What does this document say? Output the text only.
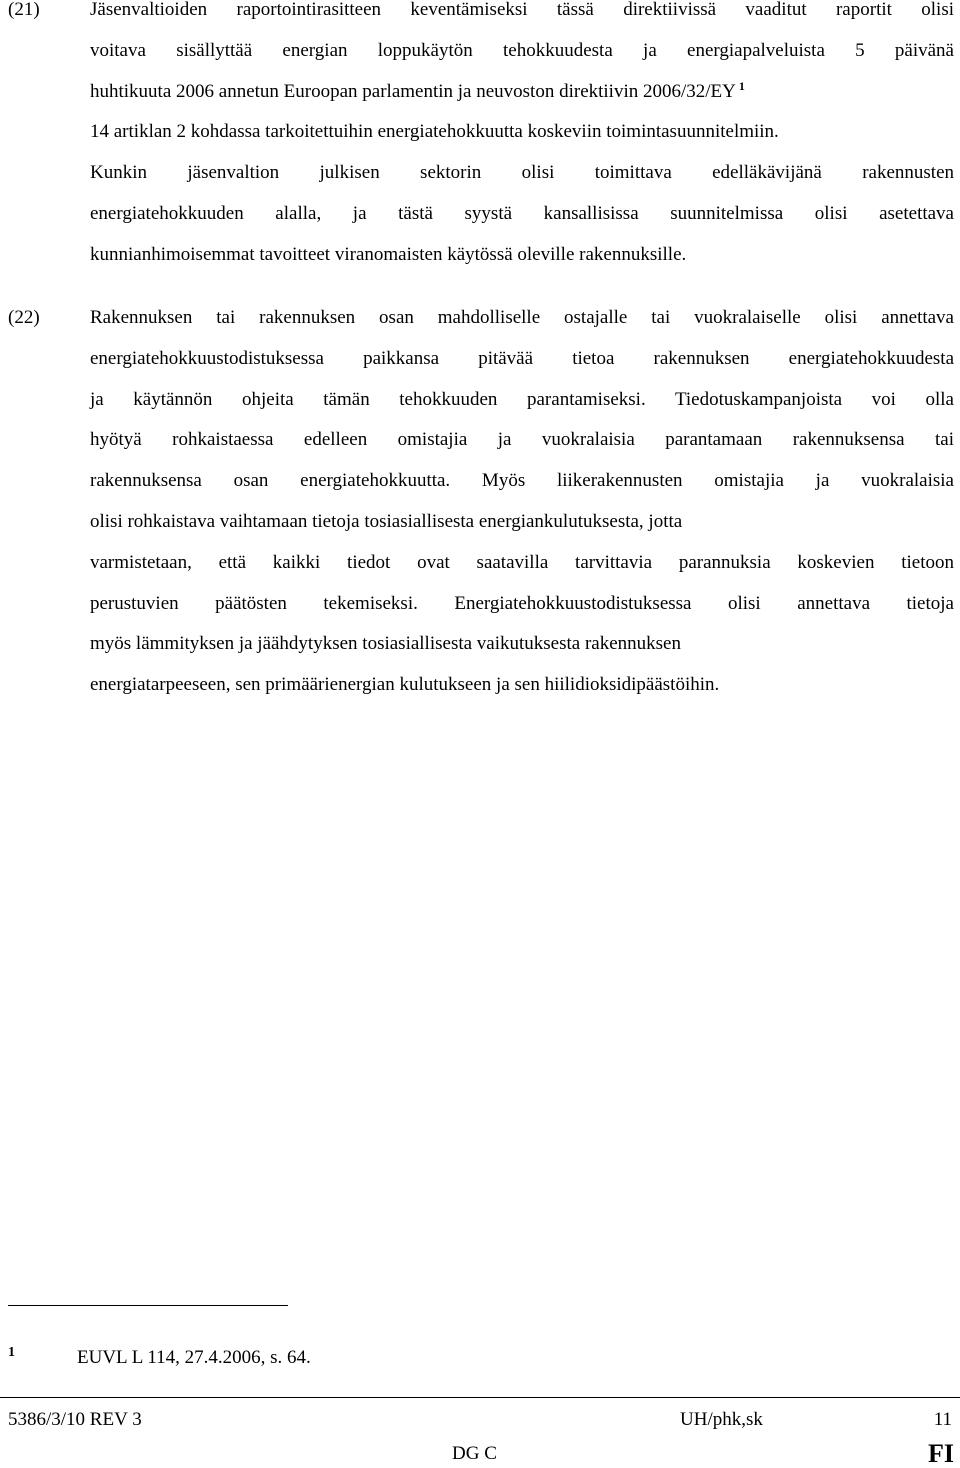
(21)	Jäsenvaltioiden raportointirasitteen keventämiseksi tässä direktiivissä vaaditut raportit olisi
voitava sisällyttää energian loppukäytön tehokkuudesta ja energiapalveluista 5 päivänä
huhtikuuta 2006 annetun Euroopan parlamentin ja neuvoston direktiivin 2006/32/EY $^1$
14 artiklan 2 kohdassa tarkoitettuihin energiatehokkuutta koskeviin toimintasuunnitelmiin.
Kunkin jäsenvaltion julkisen sektorin olisi toimittava edelläkävijänä rakennusten
energiatehokkuuden alalla, ja tästä syystä kansallisissa suunnitelmissa olisi asetettava
kunnianhimoisemmat tavoitteet viranomaisten käytössä oleville rakennuksille.
(22)	Rakennuksen tai rakennuksen osan mahdolliselle ostajalle tai vuokralaiselle olisi annettava
energiatehokkuustodistuksessa paikkansa pitävää tietoa rakennuksen energiatehokkuudesta
ja käytännön ohjeita tämän tehokkuuden parantamiseksi. Tiedotuskampanjoista voi olla
hyötyä rohkaistaessa edelleen omistajia ja vuokralaisia parantamaan rakennuksensa tai
rakennuksensa osan energiatehokkuutta. Myös liikerakennusten omistajia ja vuokralaisia
olisi rohkaistava vaihtamaan tietoja tosiasiallisesta energiankulutuksesta, jotta
varmistetaan, että kaikki tiedot ovat saatavilla tarvittavia parannuksia koskevien tietoon
perustuvien päätösten tekemiseksi. Energiatehokkuustodistuksessa olisi annettava tietoja
myös lämmityksen ja jäähdytyksen tosiasiallisesta vaikutuksesta rakennuksen
energiatarpeeseen, sen primäärienergian kulutukseen ja sen hiilidioksidipäästöihin.
1	EUVL L 114, 27.4.2006, s. 64.
5386/3/10 REV 3	UH/phk,sk	11
DG C	FI
